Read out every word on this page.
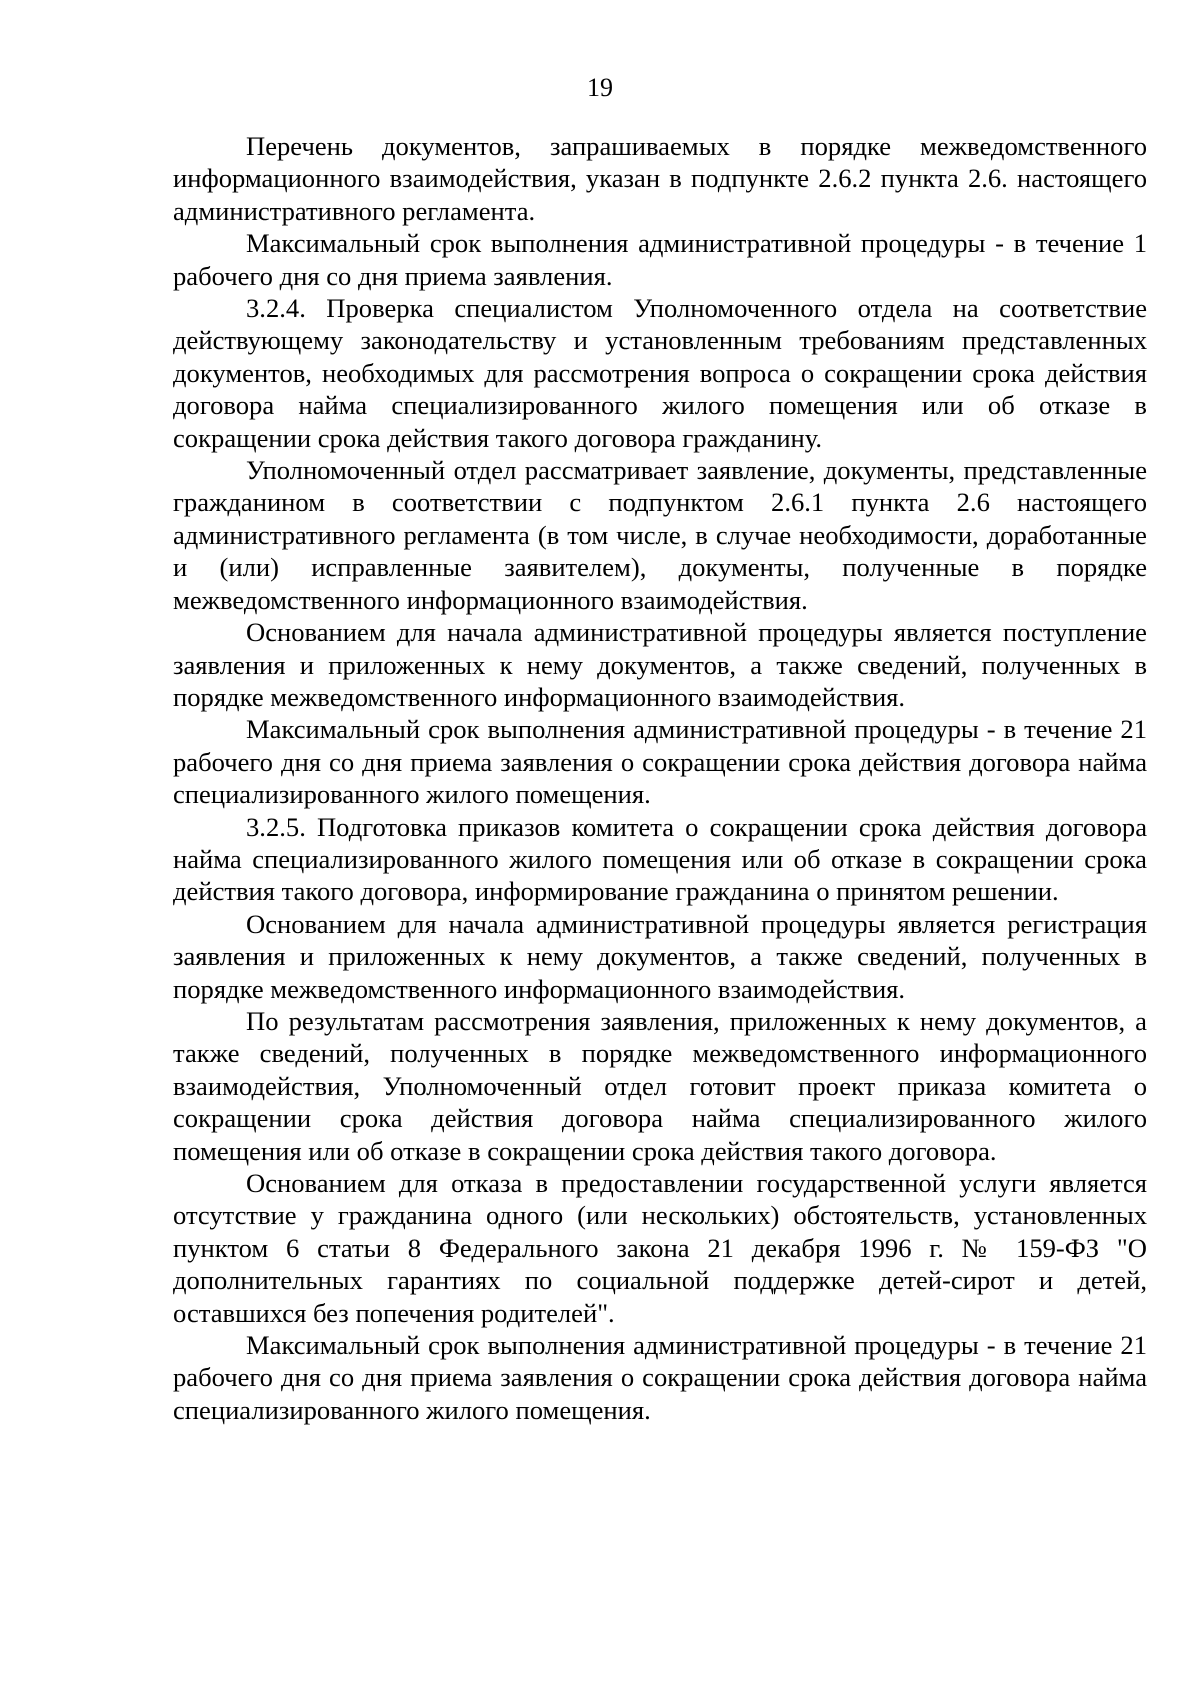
19

Перечень документов, запрашиваемых в порядке межведомственного информационного взаимодействия, указан в подпункте 2.6.2 пункта 2.6. настоящего административного регламента.

Максимальный срок выполнения административной процедуры - в течение 1 рабочего дня со дня приема заявления.

3.2.4. Проверка специалистом Уполномоченного отдела на соответствие действующему законодательству и установленным требованиям представленных документов, необходимых для рассмотрения вопроса о сокращении срока действия договора найма специализированного жилого помещения или об отказе в сокращении срока действия такого договора гражданину.

Уполномоченный отдел рассматривает заявление, документы, представленные гражданином в соответствии с подпунктом 2.6.1 пункта 2.6 настоящего административного регламента (в том числе, в случае необходимости, доработанные и (или) исправленные заявителем), документы, полученные в порядке межведомственного информационного взаимодействия.

Основанием для начала административной процедуры является поступление заявления и приложенных к нему документов, а также сведений, полученных в порядке межведомственного информационного взаимодействия.

Максимальный срок выполнения административной процедуры - в течение 21 рабочего дня со дня приема заявления о сокращении срока действия договора найма специализированного жилого помещения.

3.2.5. Подготовка приказов комитета о сокращении срока действия договора найма специализированного жилого помещения или об отказе в сокращении срока действия такого договора, информирование гражданина о принятом решении.

Основанием для начала административной процедуры является регистрация заявления и приложенных к нему документов, а также сведений, полученных в порядке межведомственного информационного взаимодействия.

По результатам рассмотрения заявления, приложенных к нему документов, а также сведений, полученных в порядке межведомственного информационного взаимодействия, Уполномоченный отдел готовит проект приказа комитета о сокращении срока действия договора найма специализированного жилого помещения или об отказе в сокращении срока действия такого договора.

Основанием для отказа в предоставлении государственной услуги является отсутствие у гражданина одного (или нескольких) обстоятельств, установленных пунктом 6 статьи 8 Федерального закона 21 декабря 1996 г. № 159-ФЗ "О дополнительных гарантиях по социальной поддержке детей-сирот и детей, оставшихся без попечения родителей".

Максимальный срок выполнения административной процедуры - в течение 21 рабочего дня со дня приема заявления о сокращении срока действия договора найма специализированного жилого помещения.
